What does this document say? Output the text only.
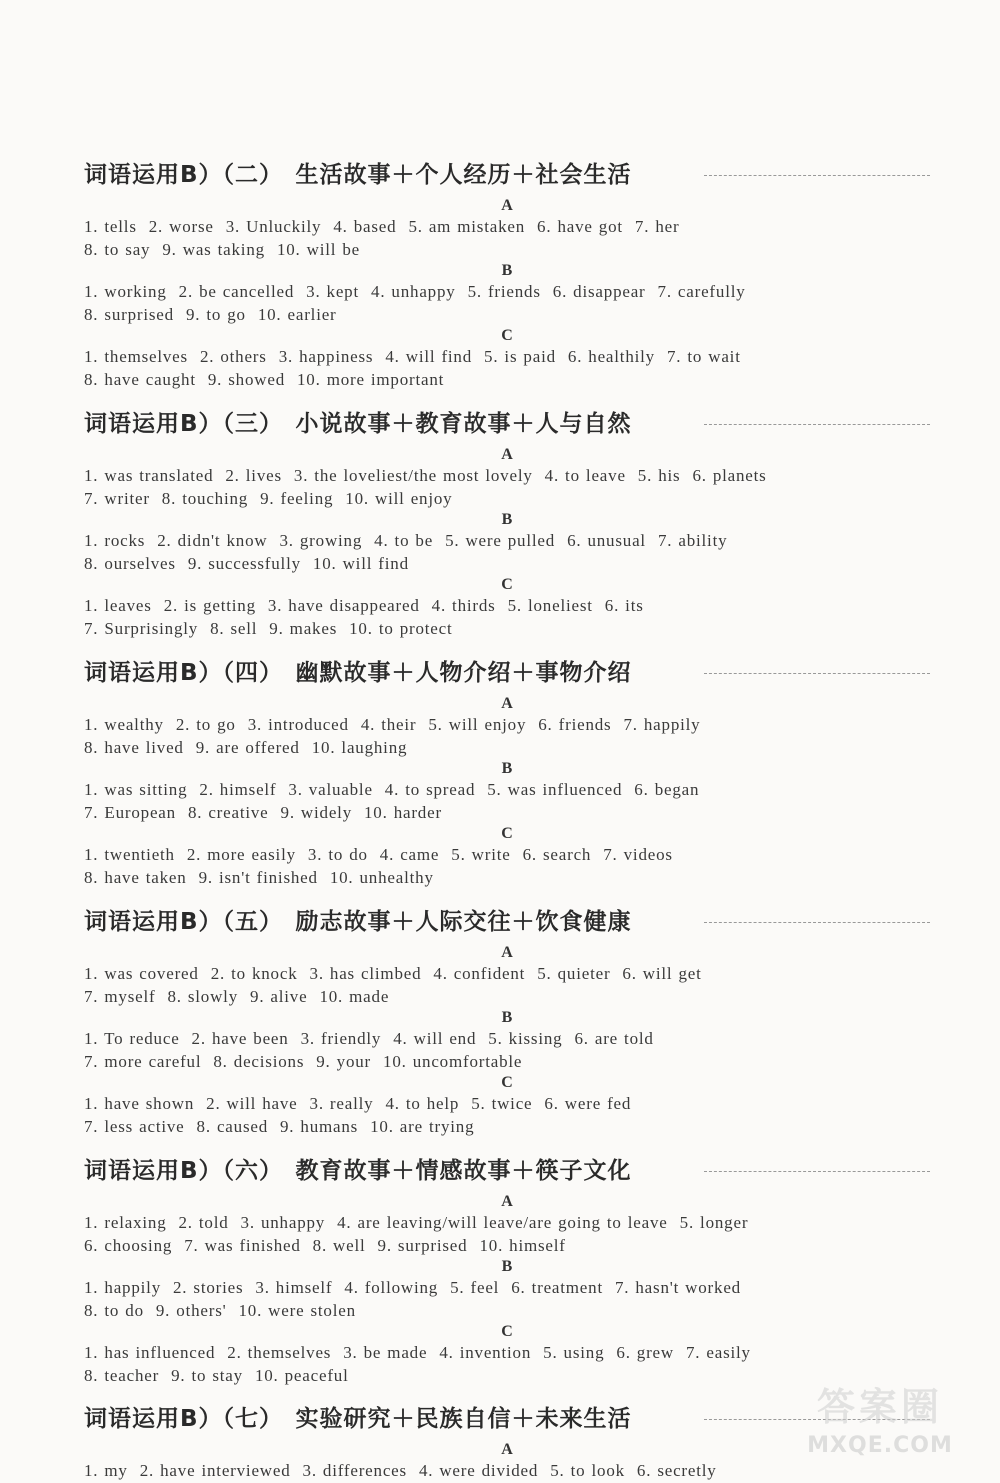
词语运用B）（二）　生活故事＋个人经历＋社会生活
A
1. tells 2. worse 3. Unluckily 4. based 5. am mistaken 6. have got 7. her
8. to say 9. was taking 10. will be
B
1. working 2. be cancelled 3. kept 4. unhappy 5. friends 6. disappear 7. carefully
8. surprised 9. to go 10. earlier
C
1. themselves 2. others 3. happiness 4. will find 5. is paid 6. healthily 7. to wait
8. have caught 9. showed 10. more important
词语运用B）（三）　小说故事＋教育故事＋人与自然
A
1. was translated 2. lives 3. the loveliest/the most lovely 4. to leave 5. his 6. planets
7. writer 8. touching 9. feeling 10. will enjoy
B
1. rocks 2. didn't know 3. growing 4. to be 5. were pulled 6. unusual 7. ability
8. ourselves 9. successfully 10. will find
C
1. leaves 2. is getting 3. have disappeared 4. thirds 5. loneliest 6. its
7. Surprisingly 8. sell 9. makes 10. to protect
词语运用B）（四）　幽默故事＋人物介绍＋事物介绍
A
1. wealthy 2. to go 3. introduced 4. their 5. will enjoy 6. friends 7. happily
8. have lived 9. are offered 10. laughing
B
1. was sitting 2. himself 3. valuable 4. to spread 5. was influenced 6. began
7. European 8. creative 9. widely 10. harder
C
1. twentieth 2. more easily 3. to do 4. came 5. write 6. search 7. videos
8. have taken 9. isn't finished 10. unhealthy
词语运用B）（五）　励志故事＋人际交往＋饮食健康
A
1. was covered 2. to knock 3. has climbed 4. confident 5. quieter 6. will get
7. myself 8. slowly 9. alive 10. made
B
1. To reduce 2. have been 3. friendly 4. will end 5. kissing 6. are told
7. more careful 8. decisions 9. your 10. uncomfortable
C
1. have shown 2. will have 3. really 4. to help 5. twice 6. were fed
7. less active 8. caused 9. humans 10. are trying
词语运用B）（六）　教育故事＋情感故事＋筷子文化
A
1. relaxing 2. told 3. unhappy 4. are leaving/will leave/are going to leave 5. longer
6. choosing 7. was finished 8. well 9. surprised 10. himself
B
1. happily 2. stories 3. himself 4. following 5. feel 6. treatment 7. hasn't worked
8. to do 9. others' 10. were stolen
C
1. has influenced 2. themselves 3. be made 4. invention 5. using 6. grew 7. easily
8. teacher 9. to stay 10. peaceful
词语运用B）（七）　实验研究＋民族自信＋未来生活
A
1. my 2. have interviewed 3. differences 4. were divided 5. to look 6. secretly
答案圈
MXQE.COM
